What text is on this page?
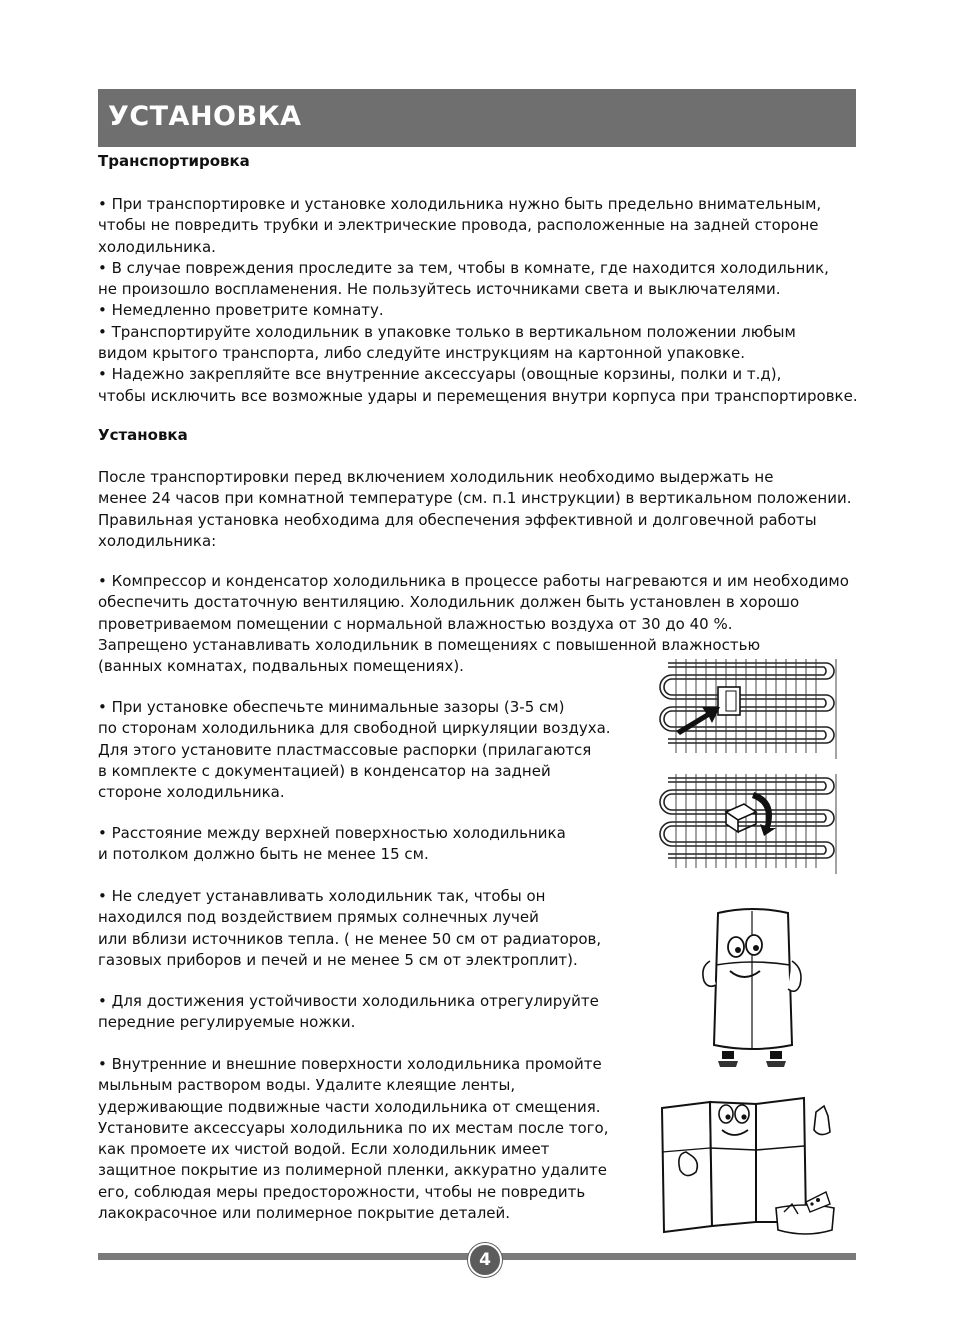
УСТАНОВКА

Транспортировка

• При транспортировке и установке холодильника нужно быть предельно внимательным,
чтобы не повредить трубки и электрические провода, расположенные на задней стороне
холодильника.
• В случае повреждения проследите за тем, чтобы в комнате, где находится холодильник,
не произошло воспламенения. Не пользуйтесь источниками света и выключателями.
• Немедленно проветрите комнату.
• Транспортируйте холодильник в упаковке только в вертикальном положении любым
видом крытого транспорта, либо следуйте инструкциям на картонной упаковке.
• Надежно закрепляйте все внутренние аксессуары (овощные корзины, полки и т.д),
чтобы исключить все возможные удары и перемещения внутри корпуса при транспортировке.

Установка

После транспортировки перед включением холодильник необходимо выдержать не
менее 24 часов при комнатной температуре (см. п.1 инструкции) в вертикальном положении.
Правильная установка необходима для обеспечения эффективной и долговечной работы
холодильника:

• Компрессор и конденсатор холодильника в процессе работы нагреваются и им необходимо
обеспечить достаточную вентиляцию. Холодильник должен быть установлен в хорошо
проветриваемом помещении с нормальной влажностью воздуха от 30 до 40 %.
Запрещено устанавливать холодильник в помещениях с повышенной влажностью
(ванных комнатах, подвальных помещениях).

• При установке обеспечьте минимальные зазоры (3-5 см)
по сторонам холодильника для свободной циркуляции воздуха.
Для этого установите пластмассовые распорки (прилагаются
в комплекте с документацией) в конденсатор на задней
стороне холодильника.

• Расстояние между верхней поверхностью холодильника
и потолком должно быть не менее 15 см.

• Не следует устанавливать холодильник так, чтобы он
находился под воздействием прямых солнечных лучей
или вблизи источников тепла. ( не менее 50 см от радиаторов,
газовых приборов и печей и не менее 5 см от электроплит).

• Для достижения устойчивости холодильника отрегулируйте
передние регулируемые ножки.

• Внутренние и внешние поверхности холодильника промойте
мыльным раствором воды. Удалите клеящие ленты,
удерживающие подвижные части холодильника от смещения.
Установите аксессуары холодильника по их местам после того,
как промоете их чистой водой. Если холодильник имеет
защитное покрытие из полимерной пленки, аккуратно удалите
его, соблюдая меры предосторожности, чтобы не повредить
лакокрасочное или полимерное покрытие деталей.

4
